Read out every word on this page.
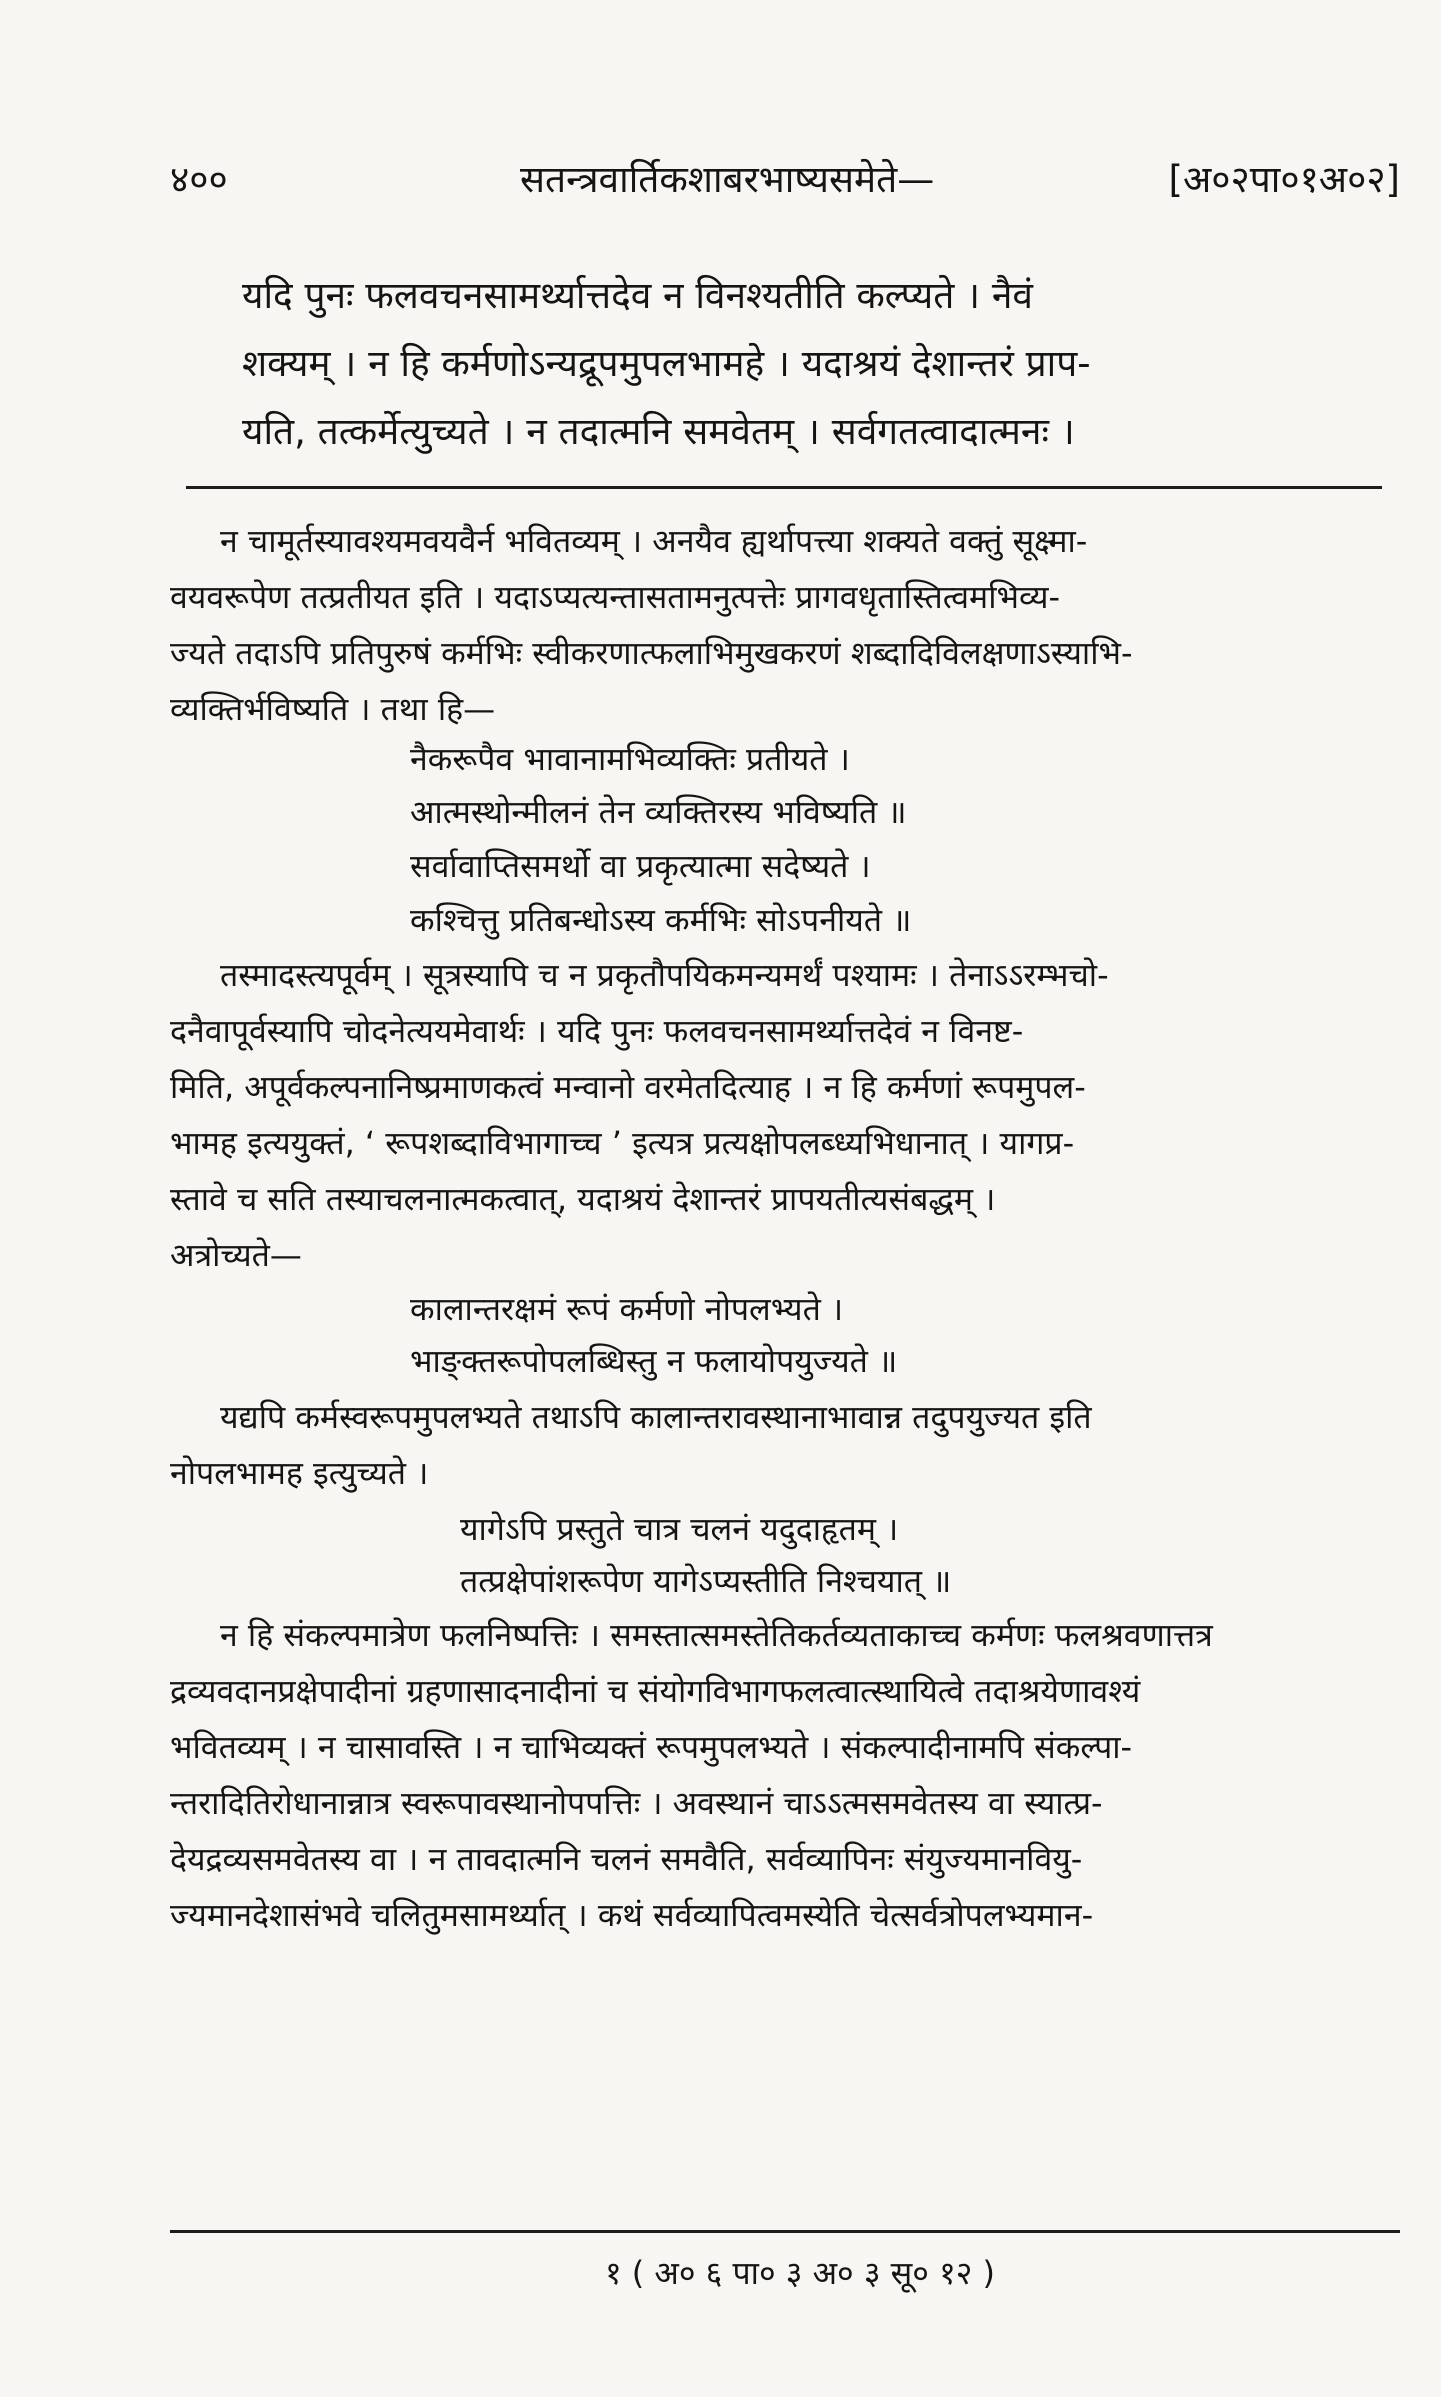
४००	सतन्त्रवार्तिकशाबरभाष्यसमेते—	[अ०२पा०१अ०२]

यदि पुनः फलवचनसामर्थ्यात्तदेव न विनश्यतीति कल्प्यते । नैवं

शक्यम् । न हि कर्मणोऽन्यद्रूपमुपलभामहे । यदाश्रयं देशान्तरं प्राप-

यति, तत्कर्मेत्युच्यते । न तदात्मनि समवेतम् । सर्वगतत्वादात्मनः ।

न चामूर्तस्यावश्यमवयवैर्न भवितव्यम् । अनयैव ह्यर्थापत्त्या शक्यते वक्तुं सूक्ष्मा-
वयवरूपेण तत्प्रतीयत इति । यदाऽप्यत्यन्तासतामनुत्पत्तेः प्रागवधृतास्तित्वमभिव्य-
ज्यते तदाऽपि प्रतिपुरुषं कर्मभिः स्वीकरणात्फलाभिमुखकरणं शब्दादिविलक्षणाऽस्याभि-
व्यक्तिर्भविष्यति । तथा हि—
नैकरूपैव भावानामभिव्यक्तिः प्रतीयते ।
आत्मस्थोन्मीलनं तेन व्यक्तिरस्य भविष्यति ॥
सर्वावाप्तिसमर्थो वा प्रकृत्यात्मा सदेष्यते ।
कश्चित्तु प्रतिबन्धोऽस्य कर्मभिः सोऽपनीयते ॥
तस्मादस्त्यपूर्वम् । सूत्रस्यापि च न प्रकृतौपयिकमन्यमर्थं पश्यामः । तेनाऽऽरम्भचो-
दनैवापूर्वस्यापि चोदनेत्ययमेवार्थः । यदि पुनः फलवचनसामर्थ्यात्तदेवं न विनष्ट-
मिति, अपूर्वकल्पनानिष्प्रमाणकत्वं मन्वानो वरमेतदित्याह । न हि कर्मणां रूपमुपल-
भामह इत्ययुक्तं, ‘ रूपशब्दाविभागाच्च ’ इत्यत्र प्रत्यक्षोपलब्ध्यभिधानात् । यागप्र-
स्तावे च सति तस्याचलनात्मकत्वात्, यदाश्रयं देशान्तरं प्रापयतीत्यसंबद्धम् ।
अत्रोच्यते—
कालान्तरक्षमं रूपं कर्मणो नोपलभ्यते ।
भाङ्क्तरूपोपलब्धिस्तु न फलायोपयुज्यते ॥
यद्यपि कर्मस्वरूपमुपलभ्यते तथाऽपि कालान्तरावस्थानाभावान्न तदुपयुज्यत इति
नोपलभामह इत्युच्यते ।
यागेऽपि प्रस्तुते चात्र चलनं यदुदाहृतम् ।
तत्प्रक्षेपांशरूपेण यागेऽप्यस्तीति निश्चयात् ॥
न हि संकल्पमात्रेण फलनिष्पत्तिः । समस्तात्समस्तेतिकर्तव्यताकाच्च कर्मणः फलश्रवणात्तत्र
द्रव्यवदानप्रक्षेपादीनां ग्रहणासादनादीनां च संयोगविभागफलत्वात्स्थायित्वे तदाश्रयेणावश्यं
भवितव्यम् । न चासावस्ति । न चाभिव्यक्तं रूपमुपलभ्यते । संकल्पादीनामपि संकल्पा-
न्तरादितिरोधानान्नात्र स्वरूपावस्थानोपपत्तिः । अवस्थानं चाऽऽत्मसमवेतस्य वा स्यात्प्र-
देयद्रव्यसमवेतस्य वा । न तावदात्मनि चलनं समवैति, सर्वव्यापिनः संयुज्यमानवियु-
ज्यमानदेशासंभवे चलितुमसामर्थ्यात् । कथं सर्वव्यापित्वमस्येति चेत्सर्वत्रोपलभ्यमान-
१ ( अ० ६ पा० ३ अ० ३ सू० १२ )
